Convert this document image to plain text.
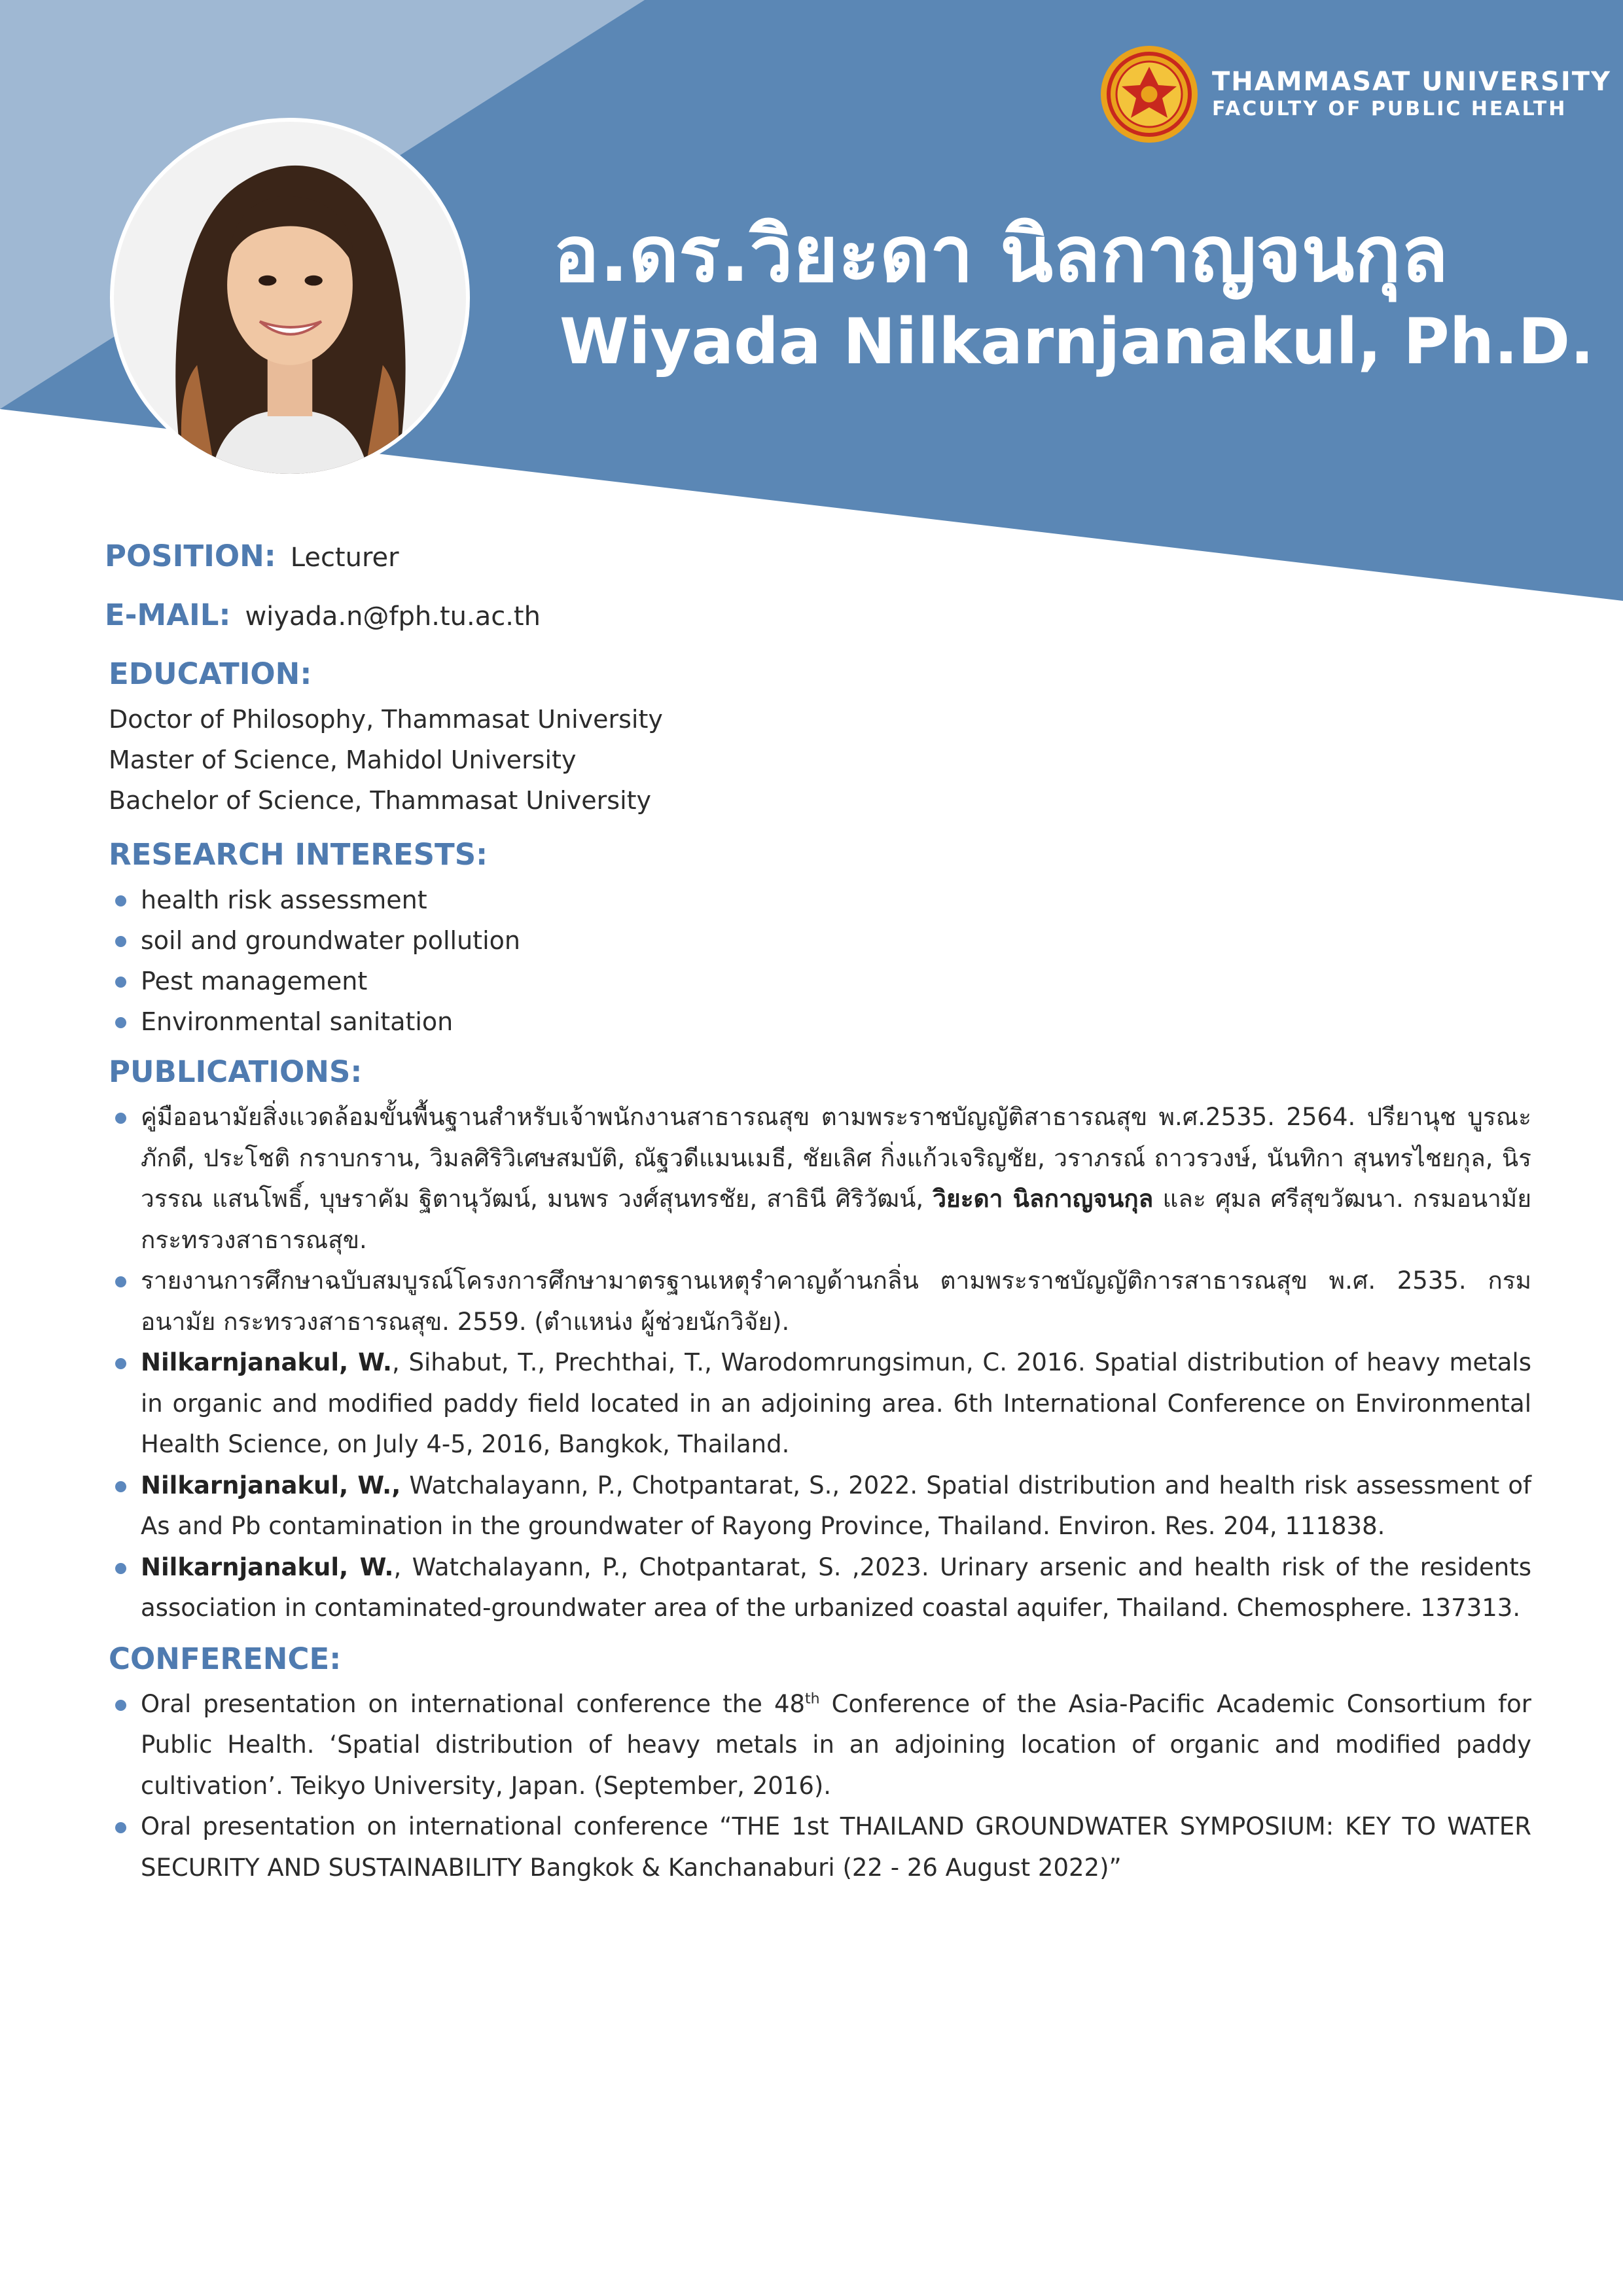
THAMMASAT UNIVERSITY
FACULTY OF PUBLIC HEALTH
อ.ดร.วิยะดา นิลกาญจนกุล
Wiyada Nilkarnjanakul, Ph.D.
POSITION: Lecturer
E-MAIL: wiyada.n@fph.tu.ac.th
EDUCATION:
Doctor of Philosophy, Thammasat University
Master of Science, Mahidol University
Bachelor of Science, Thammasat University
RESEARCH INTERESTS:
health risk assessment
soil and groundwater pollution
Pest management
Environmental sanitation
PUBLICATIONS:
คู่มืออนามัยสิ่งแวดล้อมขั้นพื้นฐานสำหรับเจ้าพนักงานสาธารณสุข ตามพระราชบัญญัติสาธารณสุข พ.ศ.2535. 2564. ปรียานุช บูรณะภักดี, ประโชติ กราบกราน, วิมลศิริวิเศษสมบัติ, ณัฐวดีแมนเมธี, ชัยเลิศ กิ่งแก้วเจริญชัย, วราภรณ์ ถาวรวงษ์, นันทิกา สุนทรไชยกุล, นิรวรรณ แสนโพธิ์, บุษราคัม ฐิตานุวัฒน์, มนพร วงศ์สุนทรชัย, สาธินี ศิริวัฒน์, วิยะดา นิลกาญจนกุล และ ศุมล ศรีสุขวัฒนา. กรมอนามัย กระทรวงสาธารณสุข.
รายงานการศึกษาฉบับสมบูรณ์โครงการศึกษามาตรฐานเหตุรำคาญด้านกลิ่น ตามพระราชบัญญัติการสาธารณสุข พ.ศ. 2535. กรมอนามัย กระทรวงสาธารณสุข. 2559. (ตำแหน่ง ผู้ช่วยนักวิจัย).
Nilkarnjanakul, W., Sihabut, T., Prechthai, T., Warodomrungsimun, C. 2016. Spatial distribution of heavy metals in organic and modified paddy field located in an adjoining area. 6th International Conference on Environmental Health Science, on July 4-5, 2016, Bangkok, Thailand.
Nilkarnjanakul, W., Watchalayann, P., Chotpantarat, S., 2022. Spatial distribution and health risk assessment of As and Pb contamination in the groundwater of Rayong Province, Thailand. Environ. Res. 204, 111838.
Nilkarnjanakul, W., Watchalayann, P., Chotpantarat, S. ,2023. Urinary arsenic and health risk of the residents association in contaminated-groundwater area of the urbanized coastal aquifer, Thailand. Chemosphere. 137313.
CONFERENCE:
Oral presentation on international conference the 48th Conference of the Asia-Pacific Academic Consortium for Public Health. ‘Spatial distribution of heavy metals in an adjoining location of organic and modified paddy cultivation’. Teikyo University, Japan. (September, 2016).
Oral presentation on international conference “THE 1st THAILAND GROUNDWATER SYMPOSIUM: KEY TO WATER SECURITY AND SUSTAINABILITY Bangkok & Kanchanaburi (22 - 26 August 2022)”
